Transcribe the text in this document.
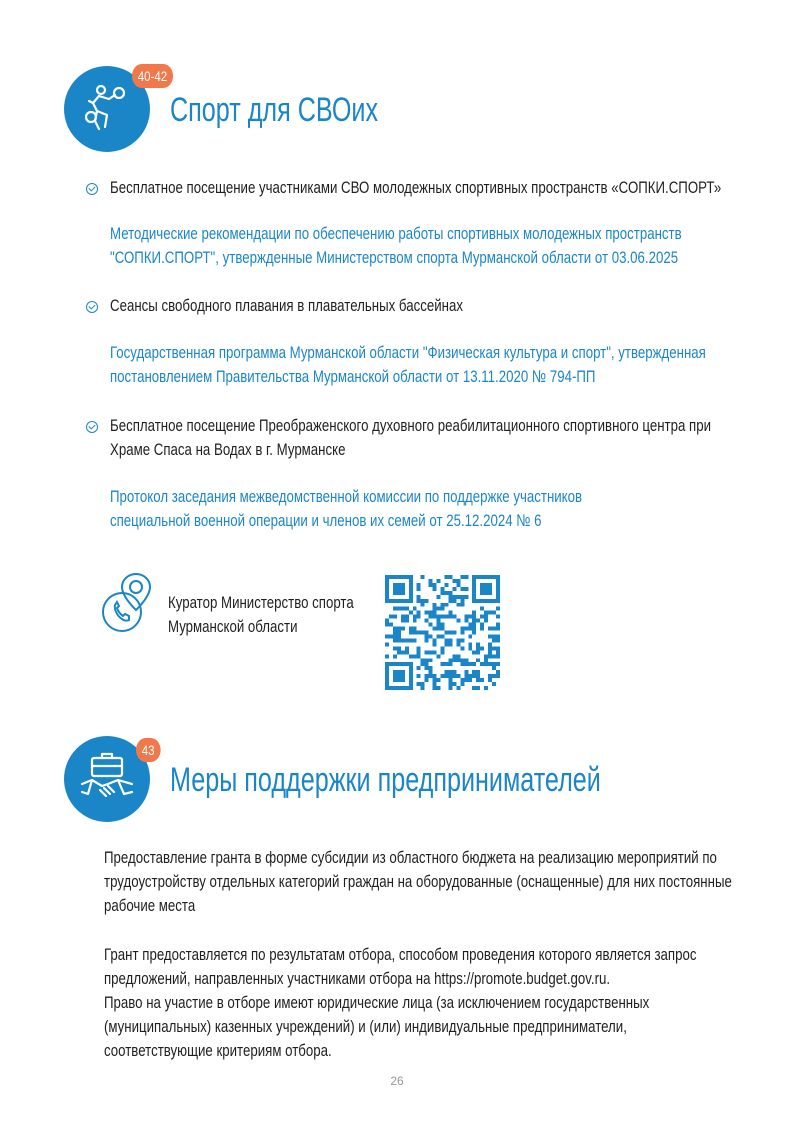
40-42
Спорт для СВОих
Бесплатное посещение участниками СВО молодежных спортивных пространств «СОПКИ.СПОРТ»
Методические рекомендации по обеспечению работы спортивных молодежных пространств
"СОПКИ.СПОРТ", утвержденные Министерством спорта Мурманской области от 03.06.2025
Сеансы свободного плавания в плавательных бассейнах
Государственная программа Мурманской области "Физическая культура и спорт", утвержденная
постановлением Правительства Мурманской области от 13.11.2020 № 794-ПП
Бесплатное посещение Преображенского духовного реабилитационного спортивного центра при
Храме Спаса на Водах в г. Мурманске
Протокол заседания межведомственной комиссии по поддержке участников
специальной военной операции и членов их семей от 25.12.2024 № 6
Куратор Министерство спорта
Мурманской области
43
Меры поддержки предпринимателей
Предоставление гранта в форме субсидии из областного бюджета на реализацию мероприятий по
трудоустройству отдельных категорий граждан на оборудованные (оснащенные) для них постоянные
рабочие места
Грант предоставляется по результатам отбора, способом проведения которого является запрос
предложений, направленных участниками отбора на https://promote.budget.gov.ru.
Право на участие в отборе имеют юридические лица (за исключением государственных
(муниципальных) казенных учреждений) и (или) индивидуальные предприниматели,
соответствующие критериям отбора.
26
